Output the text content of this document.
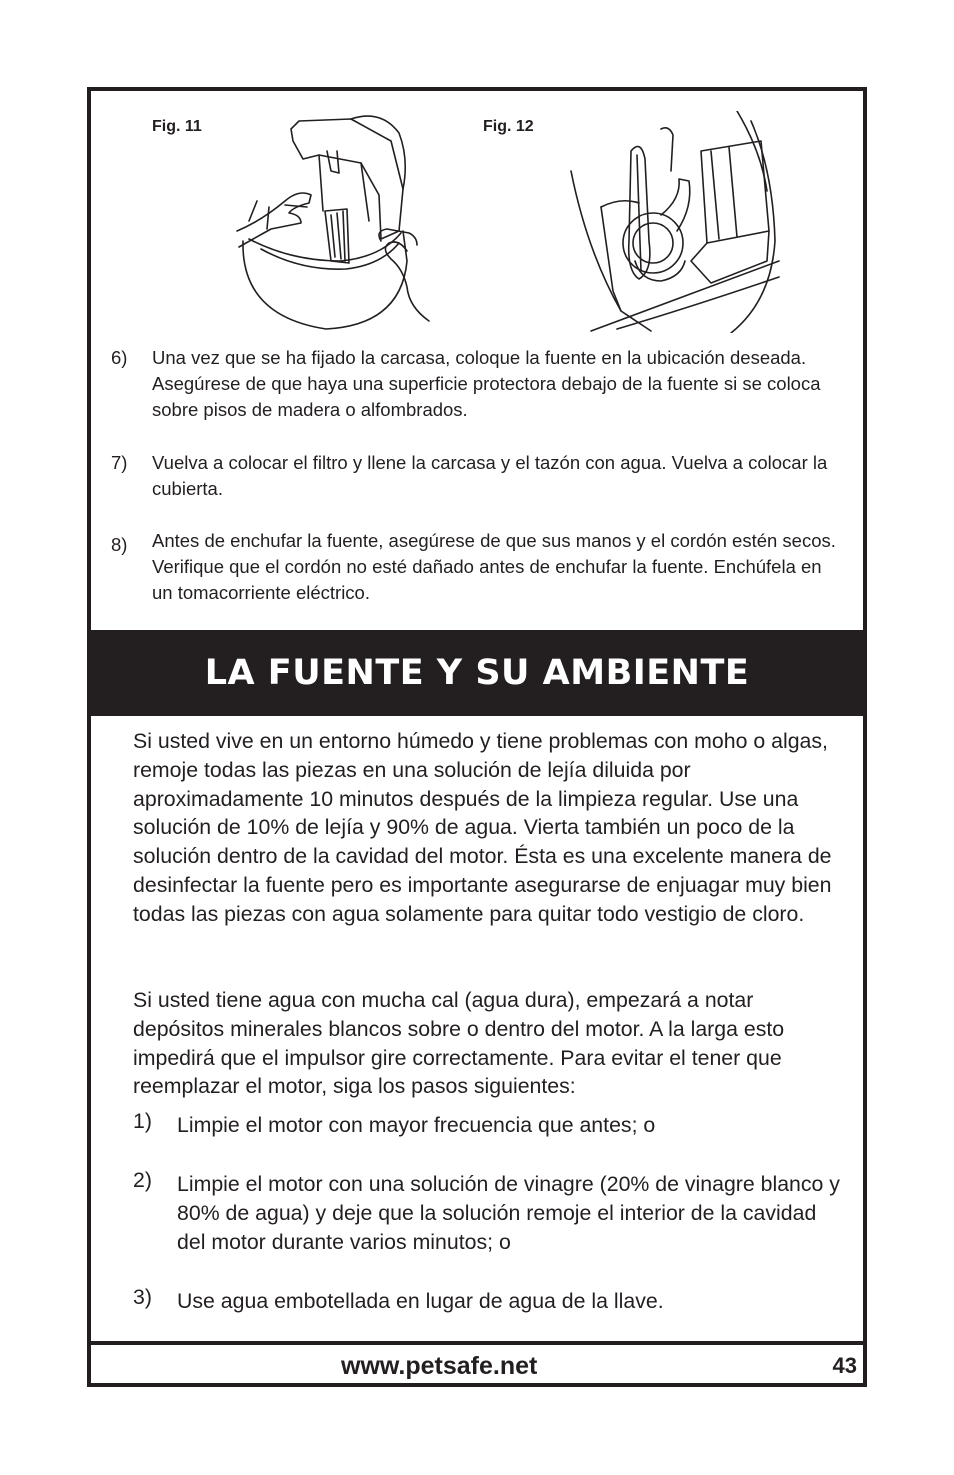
Fig. 11	Fig. 12
6) Una vez que se ha fijado la carcasa, coloque la fuente en la ubicación deseada. Asegúrese de que haya una superficie protectora debajo de la fuente si se coloca sobre pisos de madera o alfombrados.
7) Vuelva a colocar el filtro y llene la carcasa y el tazón con agua. Vuelva a colocar la cubierta.
8) Antes de enchufar la fuente, asegúrese de que sus manos y el cordón estén secos. Verifique que el cordón no esté dañado antes de enchufar la fuente. Enchúfela en un tomacorriente eléctrico.
LA FUENTE Y SU AMBIENTE
Si usted vive en un entorno húmedo y tiene problemas con moho o algas, remoje todas las piezas en una solución de lejía diluida por aproximadamente 10 minutos después de la limpieza regular. Use una solución de 10% de lejía y 90% de agua. Vierta también un poco de la solución dentro de la cavidad del motor. Ésta es una excelente manera de desinfectar la fuente pero es importante asegurarse de enjuagar muy bien todas las piezas con agua solamente para quitar todo vestigio de cloro.
Si usted tiene agua con mucha cal (agua dura), empezará a notar depósitos minerales blancos sobre o dentro del motor. A la larga esto impedirá que el impulsor gire correctamente. Para evitar el tener que reemplazar el motor, siga los pasos siguientes:
1) Limpie el motor con mayor frecuencia que antes; o
2) Limpie el motor con una solución de vinagre (20% de vinagre blanco y 80% de agua) y deje que la solución remoje el interior de la cavidad del motor durante varios minutos; o
3) Use agua embotellada en lugar de agua de la llave.
www.petsafe.net	43
